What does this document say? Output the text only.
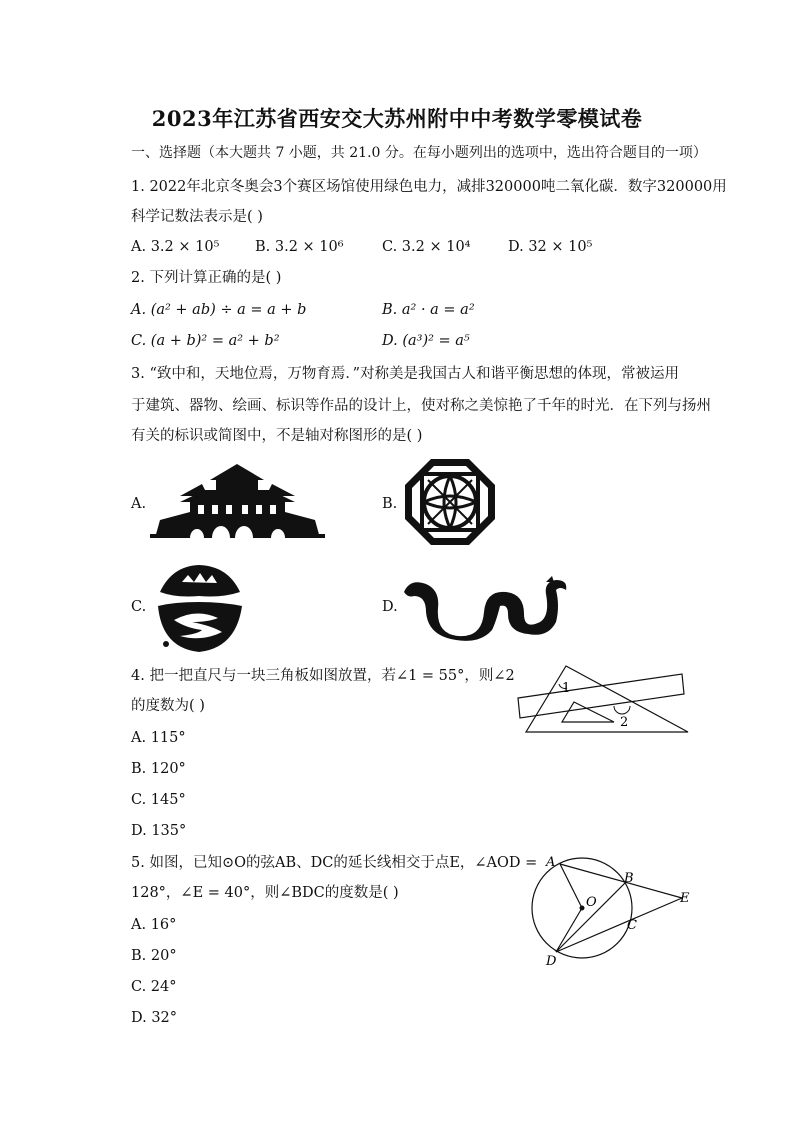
2023年江苏省西安交大苏州附中中考数学零模试卷
一、选择题（本大题共 7 小题，共 21.0 分。在每小题列出的选项中，选出符合题目的一项）
1. 2022年北京冬奥会3个赛区场馆使用绿色电力，减排320000吨二氧化碳．数字320000用
科学记数法表示是( )
A. 3.2 × 10⁵ B. 3.2 × 10⁶	C. 3.2 × 10⁴	D. 32 × 10⁵
2. 下列计算正确的是( )
A. (a² + ab) ÷ a = a + b	B. a² · a = a²
C. (a + b)² = a² + b²	D. (a³)² = a⁵
3. “致中和，天地位焉，万物育焉．”对称美是我国古人和谐平衡思想的体现，常被运用
于建筑、器物、绘画、标识等作品的设计上，使对称之美惊艳了千年的时光．在下列与扬州
有关的标识或简图中，不是轴对称图形的是( )
A.	B.
C.	D.
4. 把一把直尺与一块三角板如图放置，若∠1 = 55°，则∠2
的度数为( )
A. 115°
B. 120°
C. 145°
D. 135°
1
2
5. 如图，已知⊙O的弦AB、DC的延长线相交于点E，∠AOD =
128°，∠E = 40°，则∠BDC的度数是( )
A. 16°
B. 20°
C. 24°
D. 32°
A
B
C
D
E
O
